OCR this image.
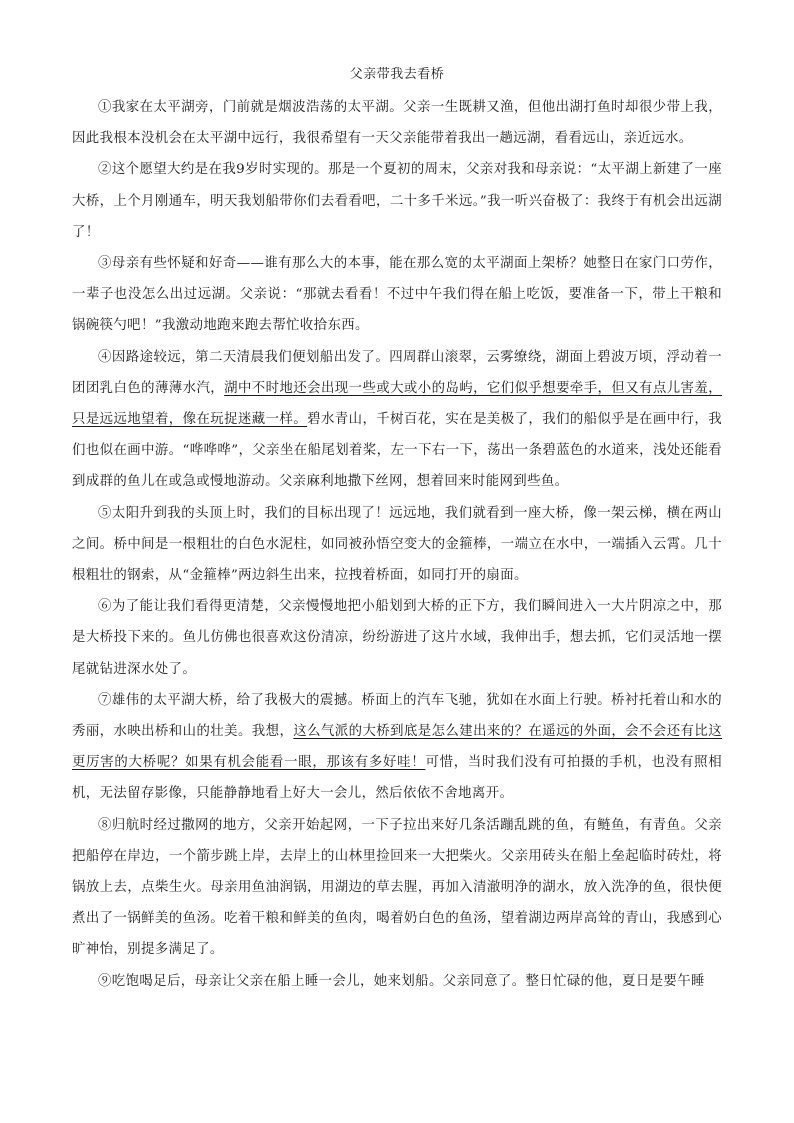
父亲带我去看桥

①我家在太平湖旁，门前就是烟波浩荡的太平湖。父亲一生既耕又渔，但他出湖打鱼时却很少带上我，因此我根本没机会在太平湖中远行，我很希望有一天父亲能带着我出一趟远湖，看看远山，亲近远水。

②这个愿望大约是在我9岁时实现的。那是一个夏初的周末，父亲对我和母亲说：“太平湖上新建了一座大桥，上个月刚通车，明天我划船带你们去看看吧，二十多千米远。”我一听兴奋极了：我终于有机会出远湖了！

③母亲有些怀疑和好奇——谁有那么大的本事，能在那么宽的太平湖面上架桥？她整日在家门口劳作，一辈子也没怎么出过远湖。父亲说：“那就去看看！不过中午我们得在船上吃饭，要准备一下，带上干粮和锅碗筷勺吧！”我激动地跑来跑去帮忙收拾东西。

④因路途较远，第二天清晨我们便划船出发了。四周群山滚翠，云雾缭绕，湖面上碧波万顷，浮动着一团团乳白色的薄薄水汽，湖中不时地还会出现一些或大或小的岛屿，它们似乎想要牵手，但又有点儿害羞，只是远远地望着，像在玩捉迷藏一样。碧水青山，千树百花，实在是美极了，我们的船似乎是在画中行，我们也似在画中游。“哗哗哗”，父亲坐在船尾划着桨，左一下右一下，荡出一条碧蓝色的水道来，浅处还能看到成群的鱼儿在或急或慢地游动。父亲麻利地撒下丝网，想着回来时能网到些鱼。

⑤太阳升到我的头顶上时，我们的目标出现了！远远地，我们就看到一座大桥，像一架云梯，横在两山之间。桥中间是一根粗壮的白色水泥柱，如同被孙悟空变大的金箍棒，一端立在水中，一端插入云霄。几十根粗壮的钢索，从“金箍棒”两边斜生出来，拉拽着桥面，如同打开的扇面。

⑥为了能让我们看得更清楚，父亲慢慢地把小船划到大桥的正下方，我们瞬间进入一大片阴凉之中，那是大桥投下来的。鱼儿仿佛也很喜欢这份清凉，纷纷游进了这片水域，我伸出手，想去抓，它们灵活地一摆尾就钻进深水处了。

⑦雄伟的太平湖大桥，给了我极大的震撼。桥面上的汽车飞驰，犹如在水面上行驶。桥衬托着山和水的秀丽，水映出桥和山的壮美。我想，这么气派的大桥到底是怎么建出来的？在遥远的外面，会不会还有比这更厉害的大桥呢？如果有机会能看一眼，那该有多好哇！可惜，当时我们没有可拍摄的手机，也没有照相机，无法留存影像，只能静静地看上好大一会儿，然后依依不舍地离开。

⑧归航时经过撒网的地方，父亲开始起网，一下子拉出来好几条活蹦乱跳的鱼，有鲢鱼，有青鱼。父亲把船停在岸边，一个箭步跳上岸，去岸上的山林里捡回来一大把柴火。父亲用砖头在船上垒起临时砖灶，将锅放上去，点柴生火。母亲用鱼油润锅，用湖边的草去腥，再加入清澈明净的湖水，放入洗净的鱼，很快便煮出了一锅鲜美的鱼汤。吃着干粮和鲜美的鱼肉，喝着奶白色的鱼汤，望着湖边两岸高耸的青山，我感到心旷神怡，别提多满足了。

⑨吃饱喝足后，母亲让父亲在船上睡一会儿，她来划船。父亲同意了。整日忙碌的他，夏日是要午睡
